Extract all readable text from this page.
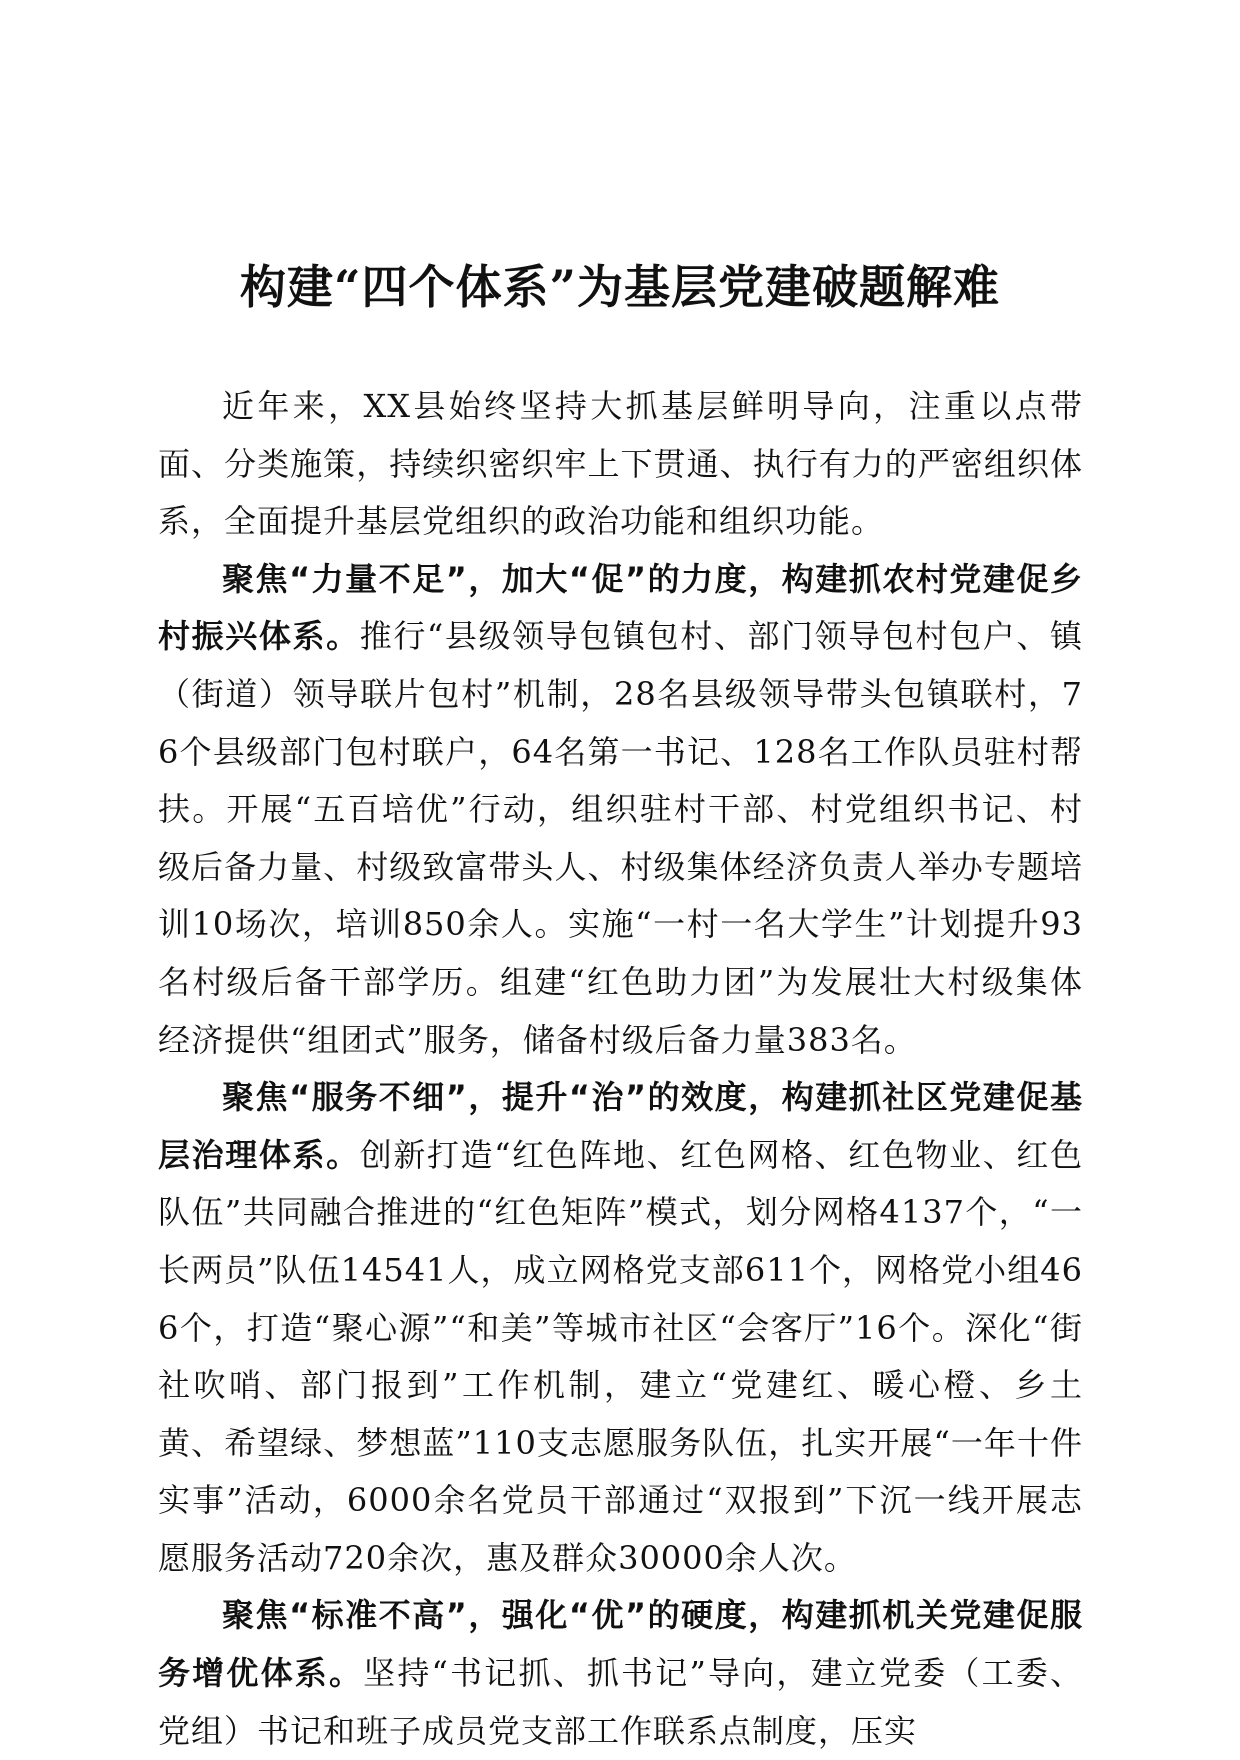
构建“四个体系”为基层党建破题解难

近年来，XX县始终坚持大抓基层鲜明导向，注重以点带面、分类施策，持续织密织牢上下贯通、执行有力的严密组织体系，全面提升基层党组织的政治功能和组织功能。

聚焦“力量不足”，加大“促”的力度，构建抓农村党建促乡村振兴体系。推行“县级领导包镇包村、部门领导包村包户、镇（街道）领导联片包村”机制，28名县级领导带头包镇联村，76个县级部门包村联户，64名第一书记、128名工作队员驻村帮扶。开展“五百培优”行动，组织驻村干部、村党组织书记、村级后备力量、村级致富带头人、村级集体经济负责人举办专题培训10场次，培训850余人。实施“一村一名大学生”计划提升93名村级后备干部学历。组建“红色助力团”为发展壮大村级集体经济提供“组团式”服务，储备村级后备力量383名。

聚焦“服务不细”，提升“治”的效度，构建抓社区党建促基层治理体系。创新打造“红色阵地、红色网格、红色物业、红色队伍”共同融合推进的“红色矩阵”模式，划分网格4137个，“一长两员”队伍14541人，成立网格党支部611个，网格党小组466个，打造“聚心源”“和美”等城市社区“会客厅”16个。深化“街社吹哨、部门报到”工作机制，建立“党建红、暖心橙、乡土黄、希望绿、梦想蓝”110支志愿服务队伍，扎实开展“一年十件实事”活动，6000余名党员干部通过“双报到”下沉一线开展志愿服务活动720余次，惠及群众30000余人次。

聚焦“标准不高”，强化“优”的硬度，构建抓机关党建促服务增优体系。坚持“书记抓、抓书记”导向，建立党委（工委、党组）书记和班子成员党支部工作联系点制度，压实
